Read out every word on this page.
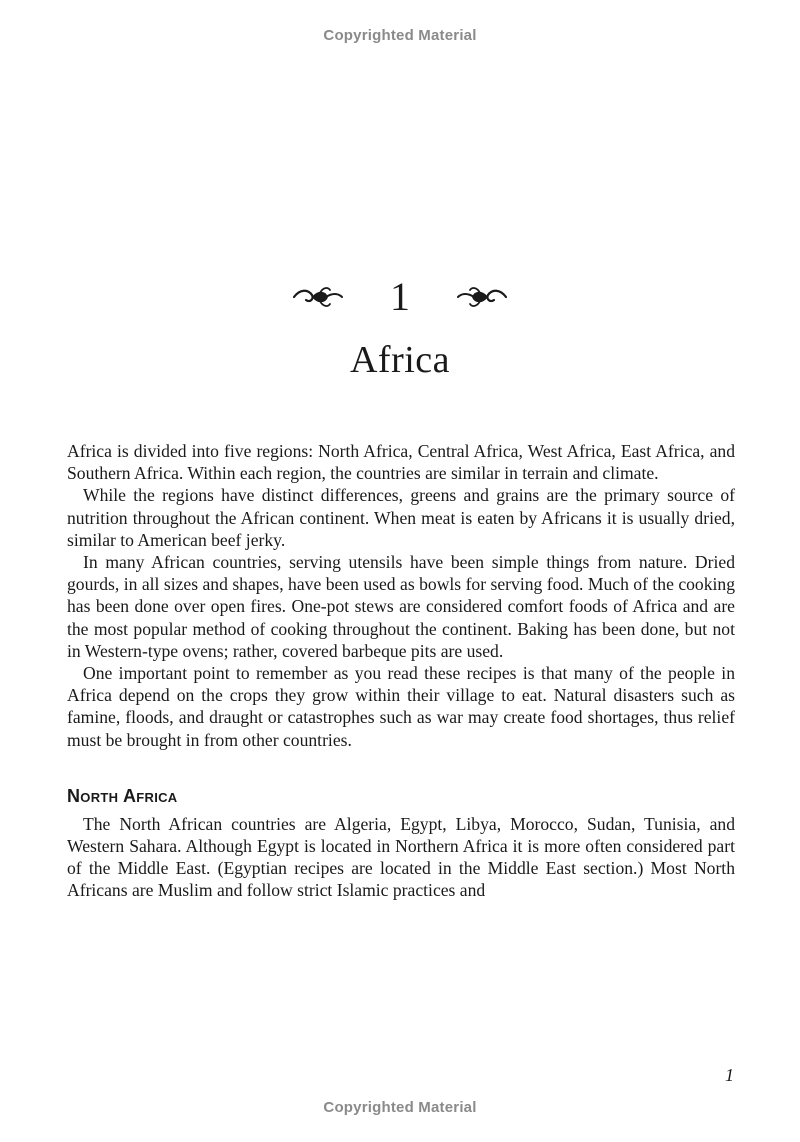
Copyrighted Material
1
Africa

Africa is divided into five regions: North Africa, Central Africa, West Africa, East Africa, and Southern Africa. Within each region, the countries are similar in terrain and climate.

While the regions have distinct differences, greens and grains are the primary source of nutrition throughout the African continent. When meat is eaten by Africans it is usually dried, similar to American beef jerky.

In many African countries, serving utensils have been simple things from nature. Dried gourds, in all sizes and shapes, have been used as bowls for serving food. Much of the cooking has been done over open fires. One-pot stews are considered comfort foods of Africa and are the most popular method of cooking throughout the continent. Baking has been done, but not in Western-type ovens; rather, covered barbeque pits are used.

One important point to remember as you read these recipes is that many of the people in Africa depend on the crops they grow within their village to eat. Natural disasters such as famine, floods, and draught or catastrophes such as war may create food shortages, thus relief must be brought in from other countries.

North Africa

The North African countries are Algeria, Egypt, Libya, Morocco, Sudan, Tunisia, and Western Sahara. Although Egypt is located in Northern Africa it is more often considered part of the Middle East. (Egyptian recipes are located in the Middle East section.) Most North Africans are Muslim and follow strict Islamic practices and

1
Copyrighted Material
